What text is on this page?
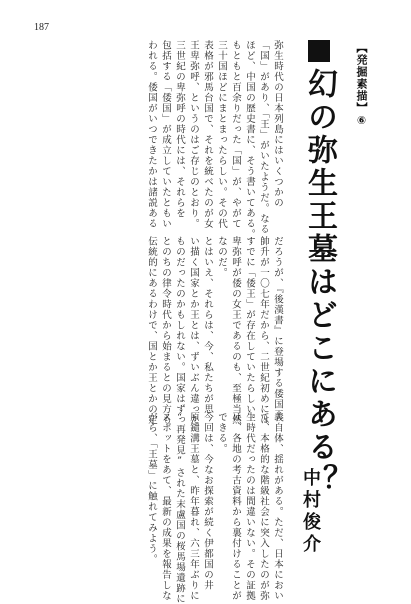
187
【発掘素描】⑥
幻の弥生王墓はどこにある？
中村俊介
弥生時代の日本列島にはいくつかの
「国」があり、「王」がいたようだ。なる
ほど、中国の歴史書に、そう書いてある。
もともと百余りだった「国」が、やがて
三十国ほどにまとまったらしい。その代
表格が邪馬台国で、それを統べたのが女
王卑弥呼、というのはご存じのとおり。
三世紀の卑弥呼の時代には、それらを
包括する「倭国」が成立していたともい
われる。倭国がいつできたかは諸説ある
だろうが、『後漢書』に登場する倭国王
帥升が一〇七年だから、二世紀初めには
すでに「倭王」が存在していたらしい。
卑弥呼が倭の女王であるのも、至極当然
なのだ。
とはいえ、それらは、今、私たちが思
い描く国家とか王とは、ずいぶん違った
ものだったのかもしれない。国家はずっ
とのちの律令時代から始まるとの見方も
伝統的にあるわけで、国とか王とかの定
義自体、揺れがある。ただ、日本におい
て、本格的な階級社会に突入したのが弥
生時代だったのは間違いない。その証拠
は、各地の考古資料から裏付けることが
できる。
今回は、今なお探索が続く伊都国の井
原鑓溝王墓と、昨年暮れ、六三年ぶりに
“再発見”された末盧国の桜馬場遺跡に
スポットをあて、最新の成果を報告しな
がら、「王墓」に触れてみよう。
